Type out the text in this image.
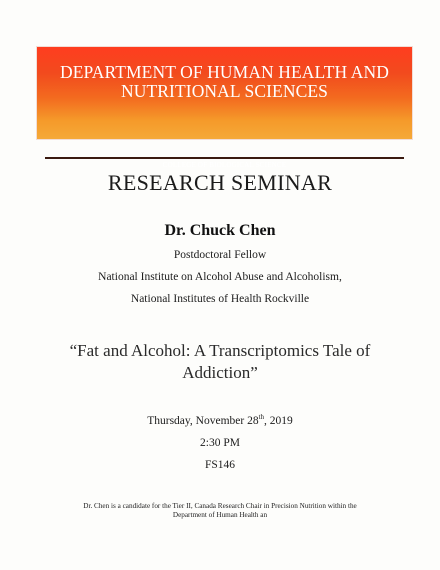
DEPARTMENT OF HUMAN HEALTH AND
NUTRITIONAL SCIENCES
COLLEGE OF BIOLOGICAL SCIENCE
RESEARCH SEMINAR
Dr. Chuck Chen
Postdoctoral Fellow
National Institute on Alcohol Abuse and Alcoholism,
National Institutes of Health Rockville
“Fat and Alcohol: A Transcriptomics Tale of
Addiction”
Thursday, November 28th, 2019
2:30 PM
FS146
Dr. Chen is a candidate for the Tier II, Canada Research Chair in Precision Nutrition within the
Department of Human Health an
